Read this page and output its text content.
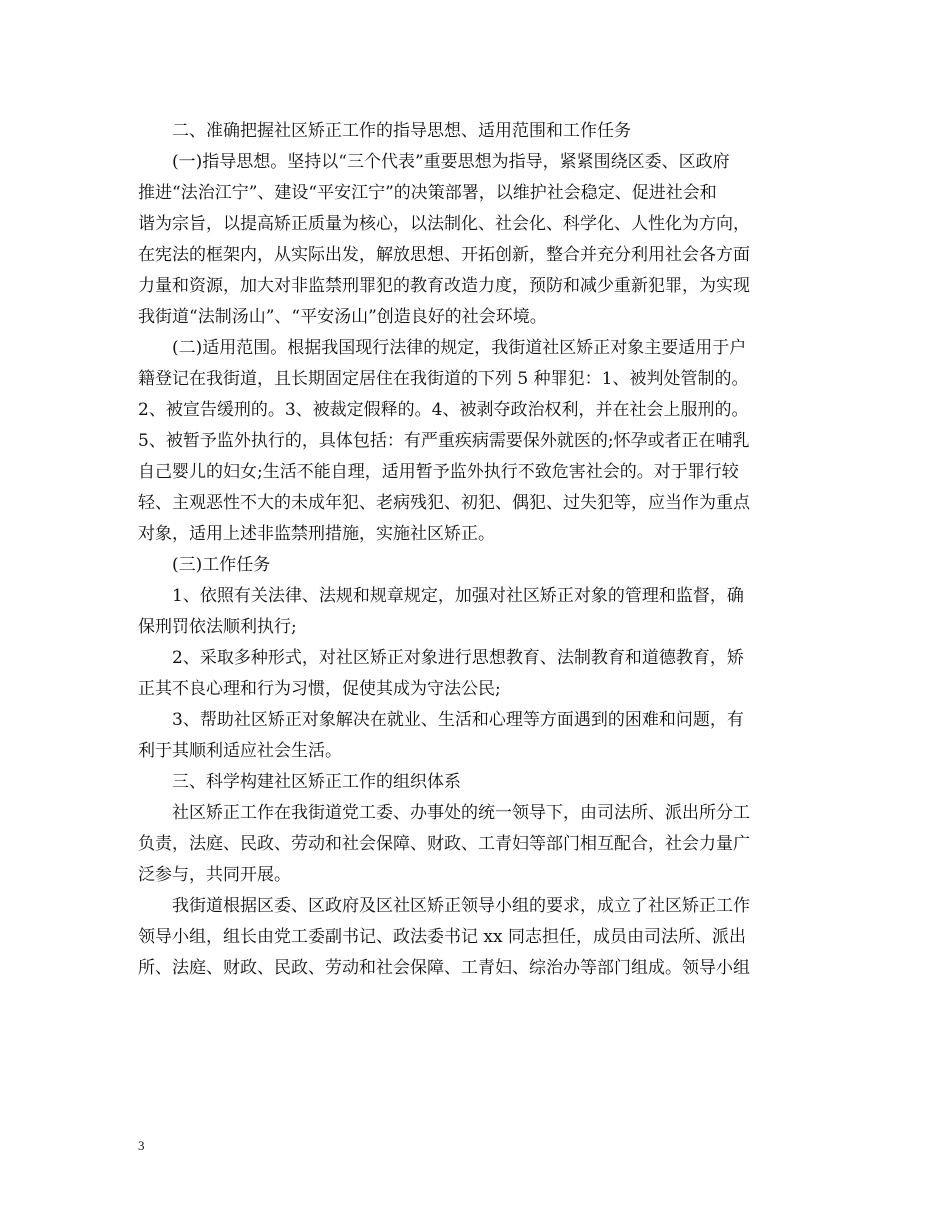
二、准确把握社区矫正工作的指导思想、适用范围和工作任务
(一)指导思想。坚持以“三个代表”重要思想为指导，紧紧围绕区委、区政府
推进“法治江宁”、建设“平安江宁”的决策部署，以维护社会稳定、促进社会和
谐为宗旨，以提高矫正质量为核心，以法制化、社会化、科学化、人性化为方向，
在宪法的框架内，从实际出发，解放思想、开拓创新，整合并充分利用社会各方面
力量和资源，加大对非监禁刑罪犯的教育改造力度，预防和减少重新犯罪，为实现
我街道“法制汤山”、“平安汤山”创造良好的社会环境。
(二)适用范围。根据我国现行法律的规定，我街道社区矫正对象主要适用于户
籍登记在我街道，且长期固定居住在我街道的下列 5 种罪犯：1、被判处管制的。
2、被宣告缓刑的。3、被裁定假释的。4、被剥夺政治权利，并在社会上服刑的。
5、被暂予监外执行的，具体包括：有严重疾病需要保外就医的;怀孕或者正在哺乳
自己婴儿的妇女;生活不能自理，适用暂予监外执行不致危害社会的。对于罪行较
轻、主观恶性不大的未成年犯、老病残犯、初犯、偶犯、过失犯等，应当作为重点
对象，适用上述非监禁刑措施，实施社区矫正。
(三)工作任务
1、依照有关法律、法规和规章规定，加强对社区矫正对象的管理和监督，确
保刑罚依法顺利执行;
2、采取多种形式，对社区矫正对象进行思想教育、法制教育和道德教育，矫
正其不良心理和行为习惯，促使其成为守法公民;
3、帮助社区矫正对象解决在就业、生活和心理等方面遇到的困难和问题，有
利于其顺利适应社会生活。
三、科学构建社区矫正工作的组织体系
社区矫正工作在我街道党工委、办事处的统一领导下，由司法所、派出所分工
负责，法庭、民政、劳动和社会保障、财政、工青妇等部门相互配合，社会力量广
泛参与，共同开展。
我街道根据区委、区政府及区社区矫正领导小组的要求，成立了社区矫正工作
领导小组，组长由党工委副书记、政法委书记 xx 同志担任，成员由司法所、派出
所、法庭、财政、民政、劳动和社会保障、工青妇、综治办等部门组成。领导小组
3
